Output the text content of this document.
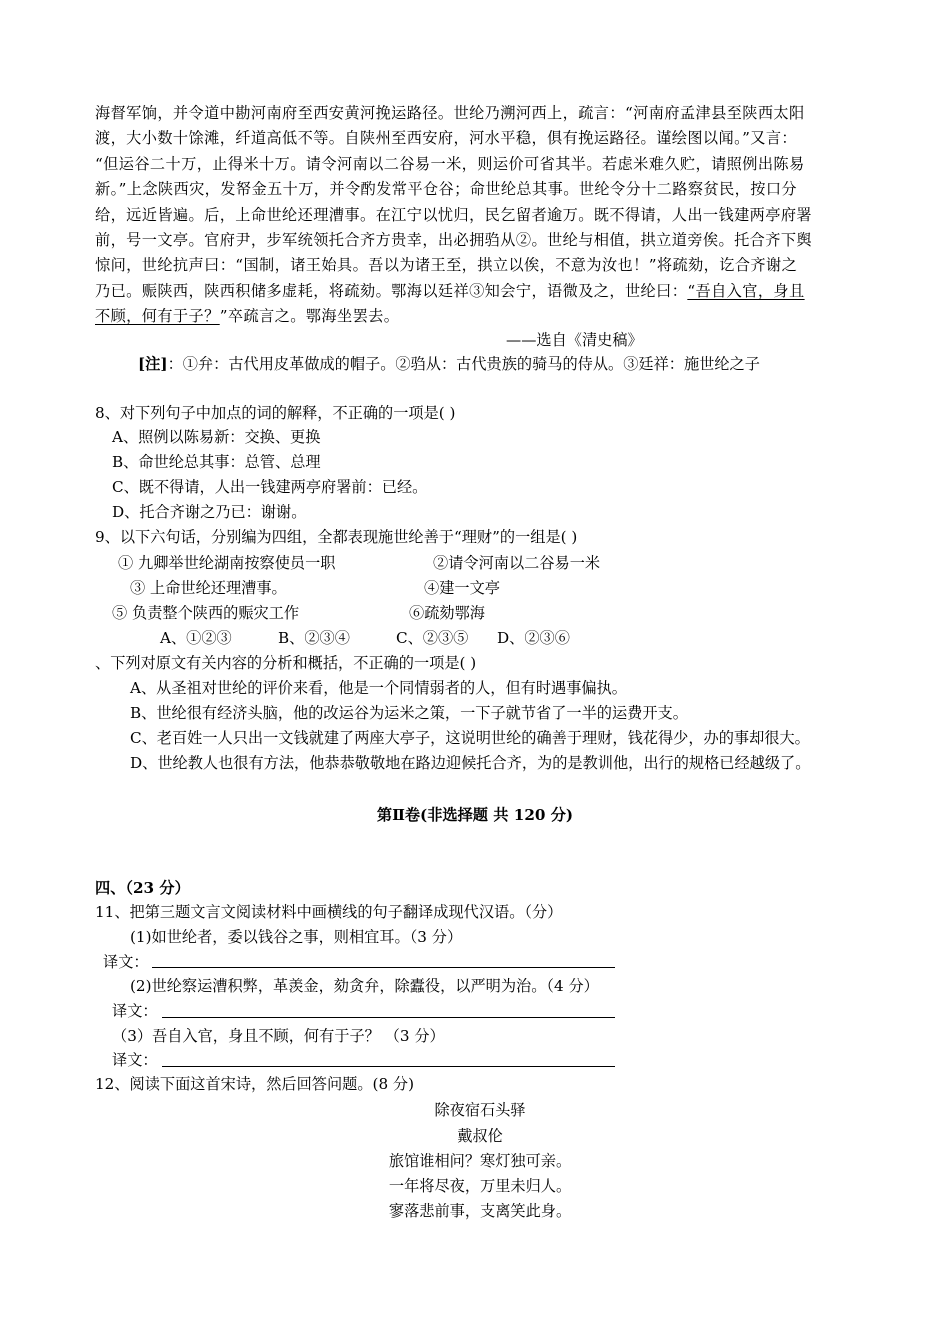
海督军饷，并令道中勘河南府至西安黄河挽运路径。世纶乃溯河西上，疏言：“河南府孟津县至陕西太阳

渡，大小数十馀滩，纤道高低不等。自陕州至西安府，河水平稳，俱有挽运路径。谨绘图以闻。”又言：

“但运谷二十万，止得米十万。请令河南以二谷易一米，则运价可省其半。若虑米难久贮，请照例出陈易

新。”上念陕西灾，发帑金五十万，并令酌发常平仓谷；命世纶总其事。世纶令分十二路察贫民，按口分

给，远近皆遍。后，上命世纶还理漕事。在江宁以忧归，民乞留者逾万。既不得请，人出一钱建两亭府署

前，号一文亭。官府尹，步军统领托合齐方贵幸，出必拥驺从②。世纶与相值，拱立道旁俟。托合齐下舆

惊问，世纶抗声曰：“国制，诸王始具。吾以为诸王至，拱立以俟，不意为汝也！”将疏劾，讫合齐谢之

乃已。赈陕西，陕西积储多虚耗，将疏劾。鄂海以廷祥③知会宁，语微及之，世纶曰：“吾自入官，身且

不顾，何有于子？”卒疏言之。鄂海坐罢去。

——选自《清史稿》
[注]：①弁：古代用皮革做成的帽子。②驺从：古代贵族的骑马的侍从。③廷祥：施世纶之子
8、对下列句子中加点的词的解释，不正确的一项是( )
A、照例以陈易新：交换、更换
B、命世纶总其事：总管、总理
C、既不得请，人出一钱建两亭府署前：已经。
D、托合齐谢之乃已：谢谢。
9、以下六句话，分别编为四组，全都表现施世纶善于“理财”的一组是( )
① 九卿举世纶湖南按察使员一职	②请令河南以二谷易一米
③ 上命世纶还理漕事。	④建一文亭
⑤ 负责整个陕西的赈灾工作	⑥疏劾鄂海
A、①②③	B、②③④	C、②③⑤ D、②③⑥
、下列对原文有关内容的分析和概括，不正确的一项是( )
A、从圣祖对世纶的评价来看，他是一个同情弱者的人，但有时遇事偏执。
B、世纶很有经济头脑，他的改运谷为运米之策，一下子就节省了一半的运费开支。
C、老百姓一人只出一文钱就建了两座大亭子，这说明世纶的确善于理财，钱花得少，办的事却很大。
D、世纶教人也很有方法，他恭恭敬敬地在路边迎候托合齐，为的是教训他，出行的规格已经越级了。
第Ⅱ卷(非选择题 共 120 分)
四、（23 分）
11、把第三题文言文阅读材料中画横线的句子翻译成现代汉语。（分）
(1)如世纶者，委以钱谷之事，则相宜耳。（3 分）
译文：
(2)世纶察运漕积弊，革羡金，劾贪弁，除蠹役，以严明为治。（4 分）
译文：
（3）吾自入官，身且不顾，何有于子？ （3 分）
译文：
12、阅读下面这首宋诗，然后回答问题。(8 分)
除夜宿石头驿
戴叔伦
旅馆谁相问？寒灯独可亲。
一年将尽夜，万里未归人。
寥落悲前事，支离笑此身。
